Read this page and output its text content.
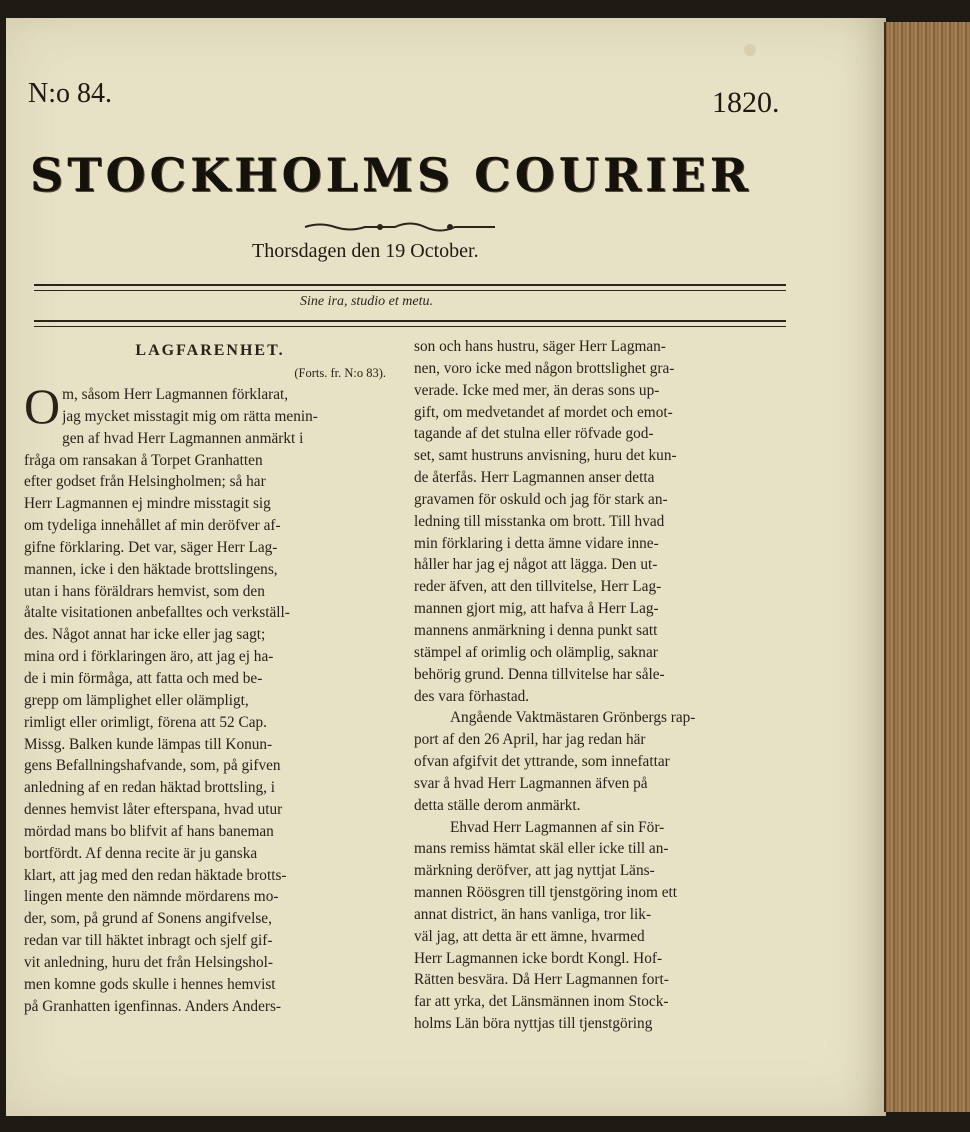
N:o 84.	1820.
STOCKHOLMS COURIER
Thorsdagen den 19 October.
Sine ira, studio et metu.
LAGFARENHET.
(Forts. fr. N:o 83).
O m, såsom Herr Lagmannen förklarat,
jag mycket misstagit mig om rätta menin-
gen af hvad Herr Lagmannen anmärkt i
fråga om ransakan å Torpet Granhatten
efter godset från Helsingholmen; så har
Herr Lagmannen ej mindre misstagit sig
om tydeliga innehållet af min deröfver af-
gifne förklaring. Det var, säger Herr Lag-
mannen, icke i den häktade brottslingens,
utan i hans föräldrars hemvist, som den
åtalte visitationen anbefalltes och verkställ-
des. Något annat har icke eller jag sagt;
mina ord i förklaringen äro, att jag ej ha-
de i min förmåga, att fatta och med be-
grepp om lämplighet eller olämpligt,
rimligt eller orimligt, förena att 52 Cap.
Missg. Balken kunde lämpas till Konun-
gens Befallningshafvande, som, på gifven
anledning af en redan häktad brottsling, i
dennes hemvist låter efterspana, hvad utur
mördad mans bo blifvit af hans baneman
bortfördt. Af denna recite är ju ganska
klart, att jag med den redan häktade brotts-
lingen mente den nämnde mördarens mo-
der, som, på grund af Sonens angifvelse,
redan var till häktet inbragt och sjelf gif-
vit anledning, huru det från Helsingshol-
men komne gods skulle i hennes hemvist
på Granhatten igenfinnas. Anders Anders-
son och hans hustru, säger Herr Lagman-
nen, voro icke med någon brottslighet gra-
verade. Icke med mer, än deras sons up-
gift, om medvetandet af mordet och emot-
tagande af det stulna eller röfvade god-
set, samt hustruns anvisning, huru det kun-
de återfås. Herr Lagmannen anser detta
gravamen för oskuld och jag för stark an-
ledning till misstanka om brott. Till hvad
min förklaring i detta ämne vidare inne-
håller har jag ej något att lägga. Den ut-
reder äfven, att den tillvitelse, Herr Lag-
mannen gjort mig, att hafva å Herr Lag-
mannens anmärkning i denna punkt satt
stämpel af orimlig och olämplig, saknar
behörig grund. Denna tillvitelse har såle-
des vara förhastad.
Angående Vaktmästaren Grönbergs rap-
port af den 26 April, har jag redan här
ofvan afgifvit det yttrande, som innefattar
svar å hvad Herr Lagmannen äfven på
detta ställe derom anmärkt.
Ehvad Herr Lagmannen af sin För-
mans remiss hämtat skäl eller icke till an-
märkning deröfver, att jag nyttjat Läns-
mannen Röösgren till tjenstgöring inom ett
annat district, än hans vanliga, tror lik-
väl jag, att detta är ett ämne, hvarmed
Herr Lagmannen icke bordt Kongl. Hof-
Rätten besvära. Då Herr Lagmannen fort-
far att yrka, det Länsmännen inom Stock-
holms Län böra nyttjas till tjenstgöring
